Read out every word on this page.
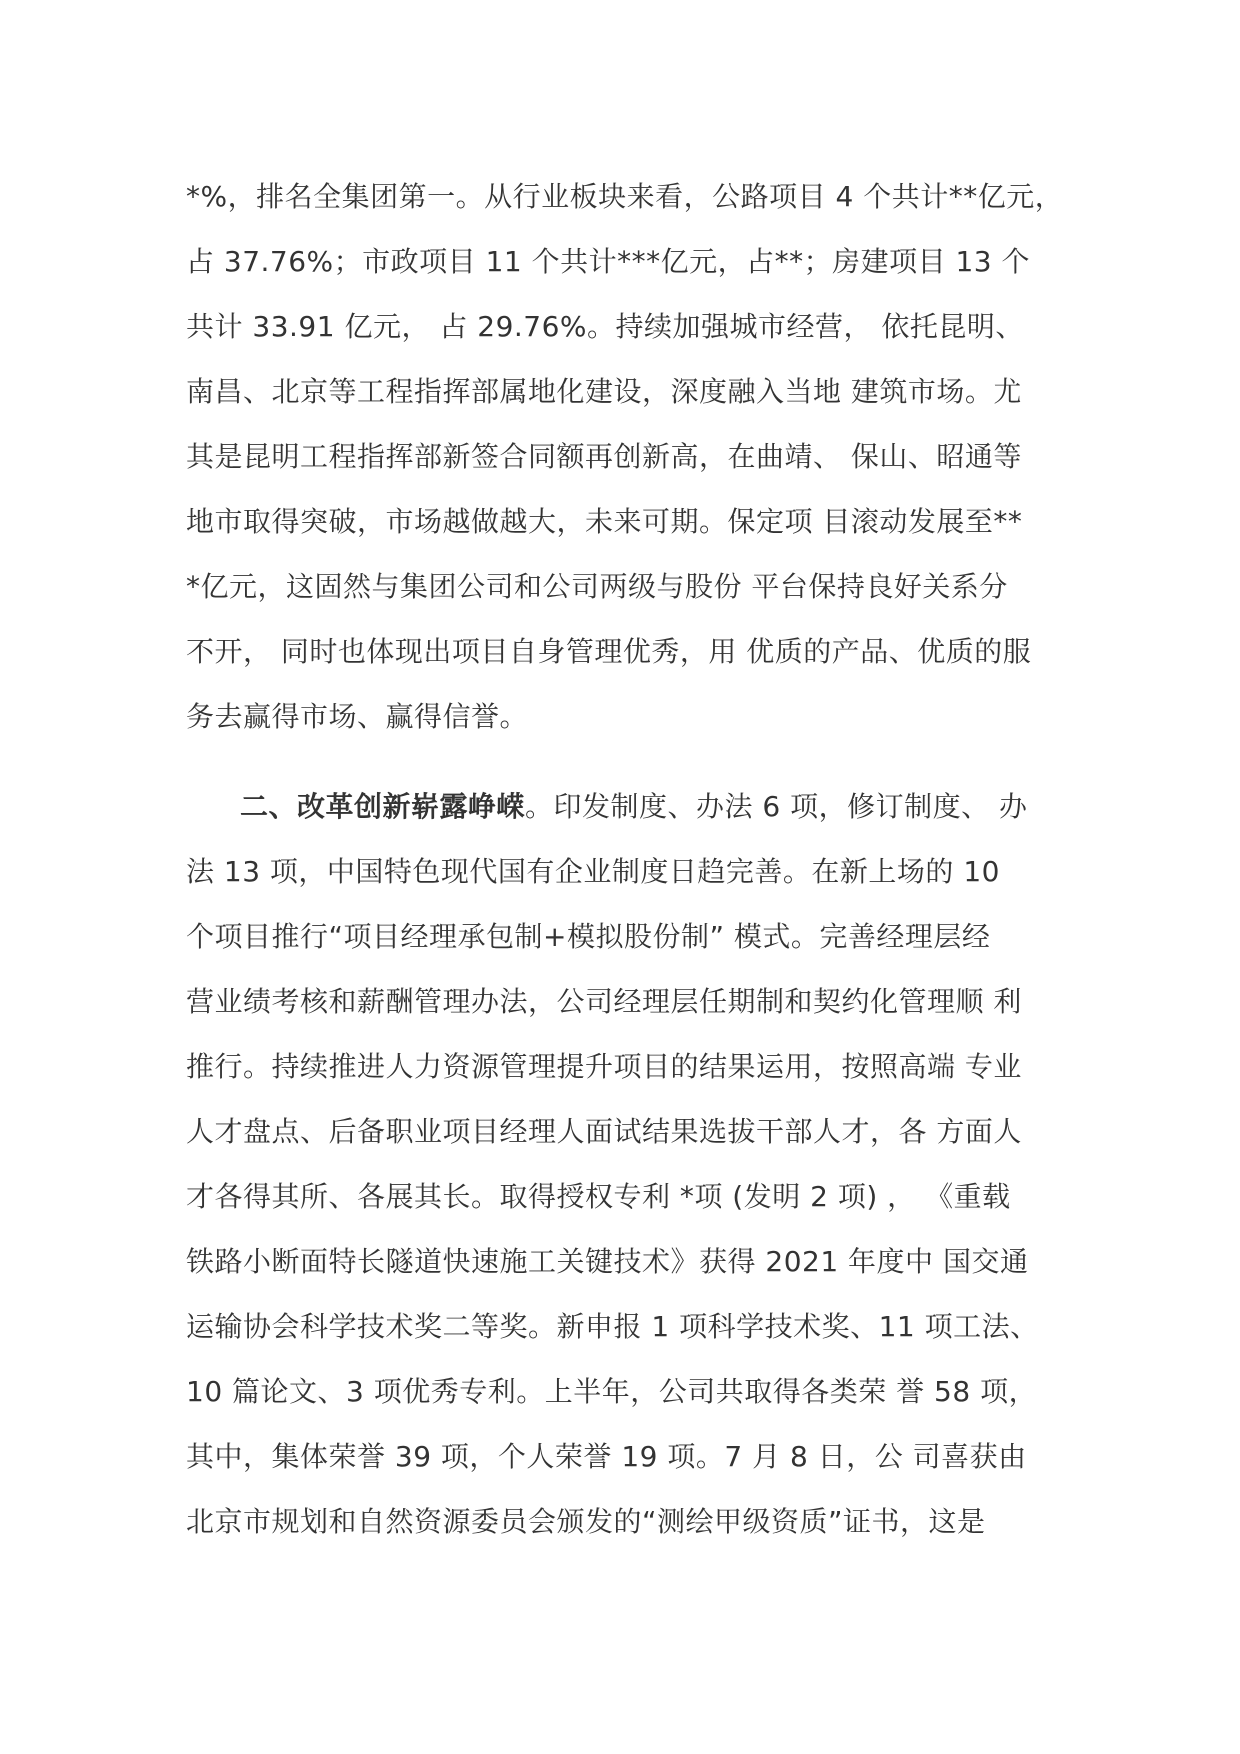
*%，排名全集团第一。从行业板块来看，公路项目 4 个共计**亿元，
占 37.76%；市政项目 11 个共计***亿元，占**；房建项目 13 个
共计 33.91 亿元， 占 29.76%。持续加强城市经营， 依托昆明、
南昌、北京等工程指挥部属地化建设，深度融入当地 建筑市场。尤
其是昆明工程指挥部新签合同额再创新高，在曲靖、 保山、昭通等
地市取得突破，市场越做越大，未来可期。保定项 目滚动发展至**
*亿元，这固然与集团公司和公司两级与股份 平台保持良好关系分
不开， 同时也体现出项目自身管理优秀，用 优质的产品、优质的服
务去赢得市场、赢得信誉。

二、改革创新崭露峥嵘。印发制度、办法 6 项，修订制度、 办
法 13 项，中国特色现代国有企业制度日趋完善。在新上场的 10
个项目推行“项目经理承包制+模拟股份制” 模式。完善经理层经
营业绩考核和薪酬管理办法，公司经理层任期制和契约化管理顺 利
推行。持续推进人力资源管理提升项目的结果运用，按照高端 专业
人才盘点、后备职业项目经理人面试结果选拔干部人才，各 方面人
才各得其所、各展其长。取得授权专利 *项 (发明 2 项) ， 《重载
铁路小断面特长隧道快速施工关键技术》获得 2021 年度中 国交通
运输协会科学技术奖二等奖。新申报 1 项科学技术奖、11 项工法、
10 篇论文、3 项优秀专利。上半年，公司共取得各类荣 誉 58 项，
其中，集体荣誉 39 项，个人荣誉 19 项。7 月 8 日，公 司喜获由
北京市规划和自然资源委员会颁发的“测绘甲级资质”证书，这是
